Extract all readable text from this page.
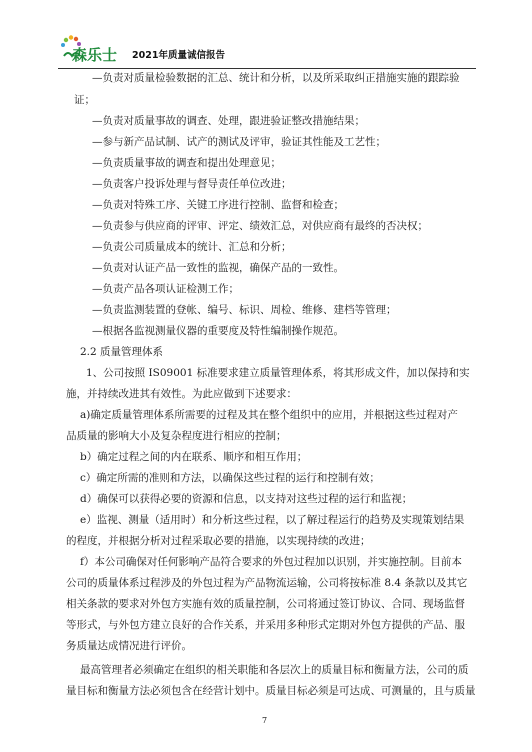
森乐士 2021年质量诚信报告
—负责对质量检验数据的汇总、统计和分析，以及所采取纠正措施实施的跟踪验
证；
—负责对质量事故的调查、处理，跟进验证整改措施结果；
—参与新产品试制、试产的测试及评审，验证其性能及工艺性；
—负责质量事故的调查和提出处理意见；
—负责客户投诉处理与督导责任单位改进；
—负责对特殊工序、关键工序进行控制、监督和检查；
—负责参与供应商的评审、评定、绩效汇总，对供应商有最终的否决权；
—负责公司质量成本的统计、汇总和分析；
—负责对认证产品一致性的监视，确保产品的一致性。
—负责产品各项认证检测工作；
—负责监测装置的登帐、编号、标识、周检、维修、建档等管理；
—根据各监视测量仪器的重要度及特性编制操作规范。
2.2 质量管理体系
1、公司按照 IS09001 标准要求建立质量管理体系，将其形成文件，加以保持和实
施，并持续改进其有效性。为此应做到下述要求：
a)确定质量管理体系所需要的过程及其在整个组织中的应用，并根据这些过程对产
品质量的影响大小及复杂程度进行相应的控制；
b）确定过程之间的内在联系、顺序和相互作用；
c）确定所需的准则和方法，以确保这些过程的运行和控制有效；
d）确保可以获得必要的资源和信息，以支持对这些过程的运行和监视；
e）监视、测量（适用时）和分析这些过程，以了解过程运行的趋势及实现策划结果
的程度，并根据分析对过程采取必要的措施，以实现持续的改进；
f）本公司确保对任何影响产品符合要求的外包过程加以识别，并实施控制。目前本
公司的质量体系过程涉及的外包过程为产品物流运输，公司将按标准 8.4 条款以及其它
相关条款的要求对外包方实施有效的质量控制，公司将通过签订协议、合同、现场监督
等形式，与外包方建立良好的合作关系，并采用多种形式定期对外包方提供的产品、服
务质量达成情况进行评价。
最高管理者必须确定在组织的相关职能和各层次上的质量目标和衡量方法，公司的质
量目标和衡量方法必须包含在经营计划中。质量目标必须是可达成、可测量的，且与质量
7
